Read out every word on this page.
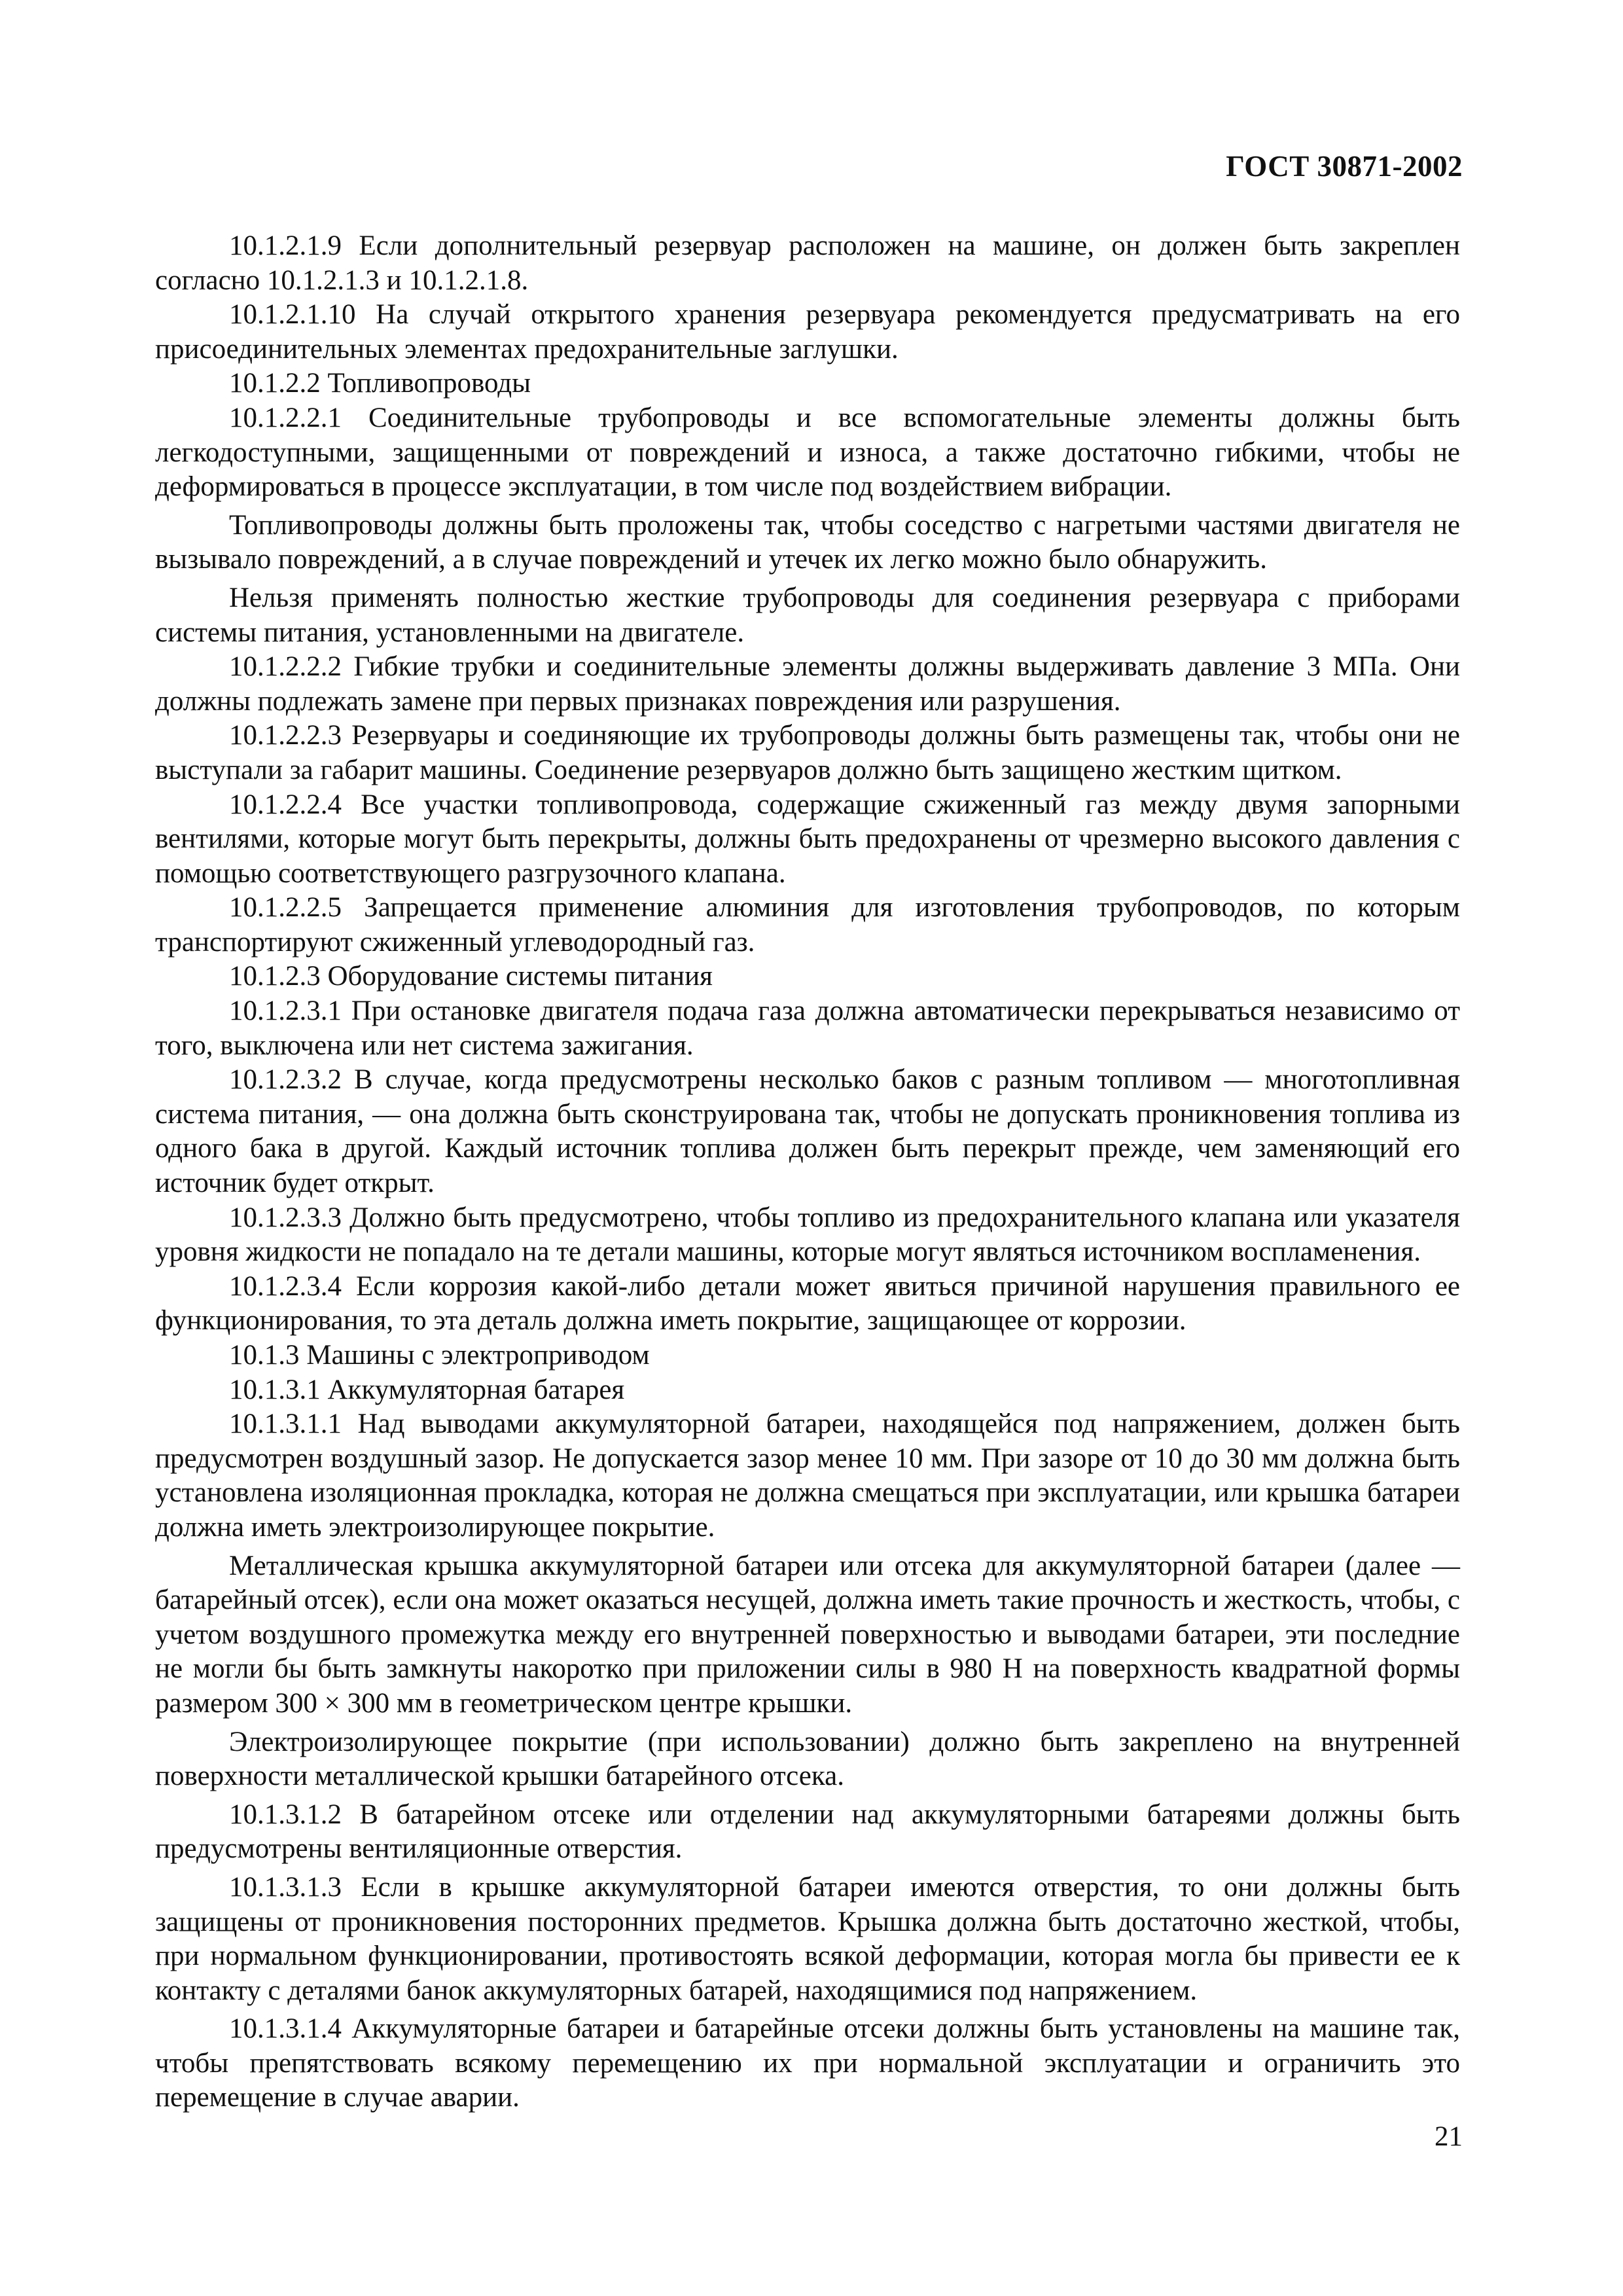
ГОСТ 30871-2002

10.1.2.1.9 Если дополнительный резервуар расположен на машине, он должен быть закреплен согласно 10.1.2.1.3 и 10.1.2.1.8.

10.1.2.1.10 На случай открытого хранения резервуара рекомендуется предусматривать на его присоединительных элементах предохранительные заглушки.

10.1.2.2 Топливопроводы

10.1.2.2.1 Соединительные трубопроводы и все вспомогательные элементы должны быть легкодоступными, защищенными от повреждений и износа, а также достаточно гибкими, чтобы не деформироваться в процессе эксплуатации, в том числе под воздействием вибрации.

Топливопроводы должны быть проложены так, чтобы соседство с нагретыми частями двигателя не вызывало повреждений, а в случае повреждений и утечек их легко можно было обнаружить.

Нельзя применять полностью жесткие трубопроводы для соединения резервуара с приборами системы питания, установленными на двигателе.

10.1.2.2.2 Гибкие трубки и соединительные элементы должны выдерживать давление 3 МПа. Они должны подлежать замене при первых признаках повреждения или разрушения.

10.1.2.2.3 Резервуары и соединяющие их трубопроводы должны быть размещены так, чтобы они не выступали за габарит машины. Соединение резервуаров должно быть защищено жестким щитком.

10.1.2.2.4 Все участки топливопровода, содержащие сжиженный газ между двумя запорными вентилями, которые могут быть перекрыты, должны быть предохранены от чрезмерно высокого давления с помощью соответствующего разгрузочного клапана.

10.1.2.2.5 Запрещается применение алюминия для изготовления трубопроводов, по которым транспортируют сжиженный углеводородный газ.

10.1.2.3 Оборудование системы питания

10.1.2.3.1 При остановке двигателя подача газа должна автоматически перекрываться независимо от того, выключена или нет система зажигания.

10.1.2.3.2 В случае, когда предусмотрены несколько баков с разным топливом — многотопливная система питания, — она должна быть сконструирована так, чтобы не допускать проникновения топлива из одного бака в другой. Каждый источник топлива должен быть перекрыт прежде, чем заменяющий его источник будет открыт.

10.1.2.3.3 Должно быть предусмотрено, чтобы топливо из предохранительного клапана или указателя уровня жидкости не попадало на те детали машины, которые могут являться источником воспламенения.

10.1.2.3.4 Если коррозия какой-либо детали может явиться причиной нарушения правильного ее функционирования, то эта деталь должна иметь покрытие, защищающее от коррозии.

10.1.3 Машины с электроприводом

10.1.3.1 Аккумуляторная батарея

10.1.3.1.1 Над выводами аккумуляторной батареи, находящейся под напряжением, должен быть предусмотрен воздушный зазор. Не допускается зазор менее 10 мм. При зазоре от 10 до 30 мм должна быть установлена изоляционная прокладка, которая не должна смещаться при эксплуатации, или крышка батареи должна иметь электроизолирующее покрытие.

Металлическая крышка аккумуляторной батареи или отсека для аккумуляторной батареи (далее — батарейный отсек), если она может оказаться несущей, должна иметь такие прочность и жесткость, чтобы, с учетом воздушного промежутка между его внутренней поверхностью и выводами батареи, эти последние не могли бы быть замкнуты накоротко при приложении силы в 980 Н на поверхность квадратной формы размером 300 × 300 мм в геометрическом центре крышки.

Электроизолирующее покрытие (при использовании) должно быть закреплено на внутренней поверхности металлической крышки батарейного отсека.

10.1.3.1.2 В батарейном отсеке или отделении над аккумуляторными батареями должны быть предусмотрены вентиляционные отверстия.

10.1.3.1.3 Если в крышке аккумуляторной батареи имеются отверстия, то они должны быть защищены от проникновения посторонних предметов. Крышка должна быть достаточно жесткой, чтобы, при нормальном функционировании, противостоять всякой деформации, которая могла бы привести ее к контакту с деталями банок аккумуляторных батарей, находящимися под напряжением.

10.1.3.1.4 Аккумуляторные батареи и батарейные отсеки должны быть установлены на машине так, чтобы препятствовать всякому перемещению их при нормальной эксплуатации и ограничить это перемещение в случае аварии.

21
